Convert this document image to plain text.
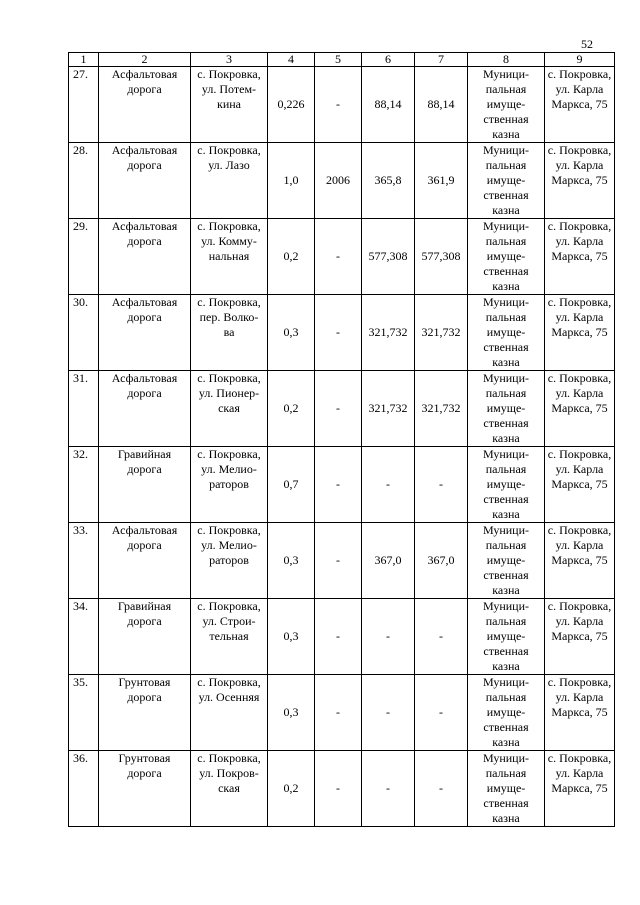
52
1	2	3	4	5	6	7	8	9
27.	Асфальтовая
дорога	с. Покровка,
ул. Потем-
кина	0,226	-	88,14	88,14	Муници-
пальная
имуще-
ственная
казна	с. Покровка,
ул. Карла
Маркса, 75

28.	Асфальтовая
дорога	с. Покровка,
ул. Лазо	1,0	2006	365,8	361,9	Муници-
пальная
имуще-
ственная
казна	с. Покровка,
ул. Карла
Маркса, 75

29.	Асфальтовая
дорога	с. Покровка,
ул. Комму-
нальная	0,2	-	577,308	577,308	Муници-
пальная
имуще-
ственная
казна	с. Покровка,
ул. Карла
Маркса, 75

30.	Асфальтовая
дорога	с. Покровка,
пер. Волко-
ва	0,3	-	321,732	321,732	Муници-
пальная
имуще-
ственная
казна	с. Покровка,
ул. Карла
Маркса, 75

31.	Асфальтовая
дорога	с. Покровка,
ул. Пионер-
ская	0,2	-	321,732	321,732	Муници-
пальная
имуще-
ственная
казна	с. Покровка,
ул. Карла
Маркса, 75

32.	Гравийная
дорога	с. Покровка,
ул. Мелио-
раторов	0,7	-	-	-	Муници-
пальная
имуще-
ственная
казна	с. Покровка,
ул. Карла
Маркса, 75

33.	Асфальтовая
дорога	с. Покровка,
ул. Мелио-
раторов	0,3	-	367,0	367,0	Муници-
пальная
имуще-
ственная
казна	с. Покровка,
ул. Карла
Маркса, 75

34.	Гравийная
дорога	с. Покровка,
ул. Строи-
тельная	0,3	-	-	-	Муници-
пальная
имуще-
ственная
казна	с. Покровка,
ул. Карла
Маркса, 75

35.	Грунтовая
дорога	с. Покровка,
ул. Осенняя	0,3	-	-	-	Муници-
пальная
имуще-
ственная
казна	с. Покровка,
ул. Карла
Маркса, 75

36.	Грунтовая
дорога	с. Покровка,
ул. Покров-
ская	0,2	-	-	-	Муници-
пальная
имуще-
ственная
казна	с. Покровка,
ул. Карла
Маркса, 75
